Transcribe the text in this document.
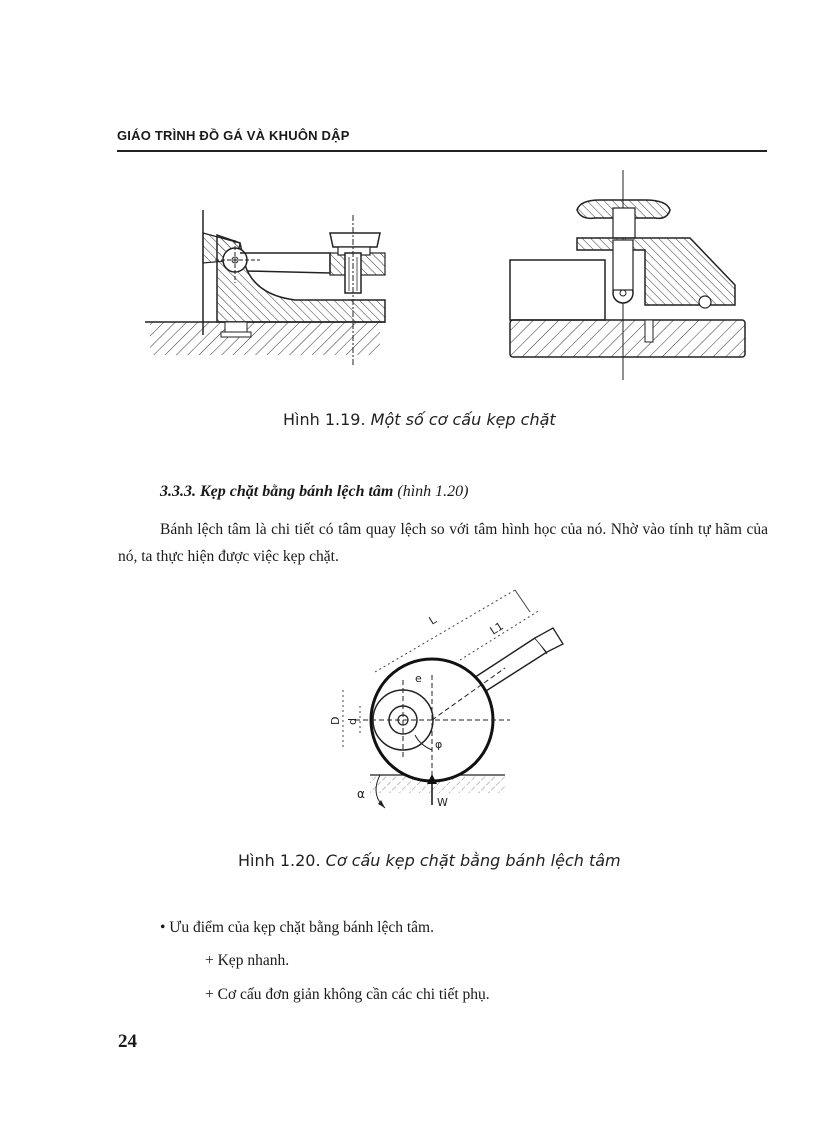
GIÁO TRÌNH ĐỒ GÁ VÀ KHUÔN DẬP
Hình 1.19. Một số cơ cấu kẹp chặt
3.3.3. Kẹp chặt bằng bánh lệch tâm (hình 1.20)
Bánh lệch tâm là chi tiết có tâm quay lệch so với tâm hình học của nó. Nhờ vào tính tự hãm của nó, ta thực hiện được việc kẹp chặt.
L	L1
e
D d
φ
α
W
Hình 1.20. Cơ cấu kẹp chặt bằng bánh lệch tâm
• Ưu điểm của kẹp chặt bằng bánh lệch tâm.
+ Kẹp nhanh.
+ Cơ cấu đơn giản không cần các chi tiết phụ.
24
